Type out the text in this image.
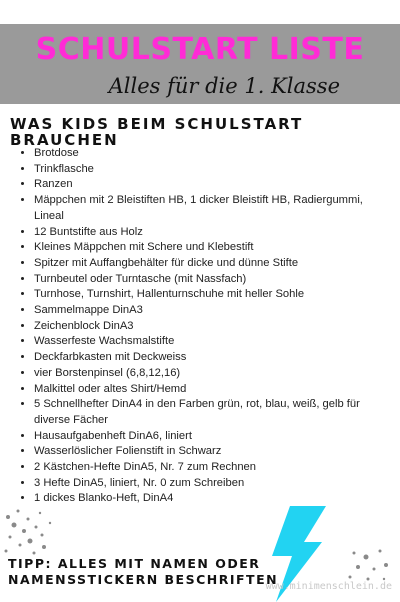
SCHULSTART LISTE
Alles für die 1. Klasse
WAS KIDS BEIM SCHULSTART BRAUCHEN
• Brotdose
• Trinkflasche
• Ranzen
• Mäppchen mit 2 Bleistiften HB, 1 dicker Bleistift HB, Radiergummi, Lineal
• 12 Buntstifte aus Holz
• Kleines Mäppchen mit Schere und Klebestift
• Spitzer mit Auffangbehälter für dicke und dünne Stifte
• Turnbeutel oder Turntasche (mit Nassfach)
• Turnhose, Turnshirt, Hallenturnschuhe mit heller Sohle
• Sammelmappe DinA3
• Zeichenblock DinA3
• Wasserfeste Wachsmalstifte
• Deckfarbkasten mit Deckweiss
• vier Borstenpinsel (6,8,12,16)
• Malkittel oder altes Shirt/Hemd
• 5 Schnellhefter DinA4 in den Farben grün, rot, blau, weiß, gelb für diverse Fächer
• Hausaufgabenheft DinA6, liniert
• Wasserlöslicher Folienstift in Schwarz
• 2 Kästchen-Hefte DinA5, Nr. 7 zum Rechnen
• 3 Hefte DinA5, liniert, Nr. 0 zum Schreiben
• 1 dickes Blanko-Heft, DinA4
TIPP: ALLES MIT NAMEN ODER NAMENSSTICKERN BESCHRIFTEN
www.minimenschlein.de
